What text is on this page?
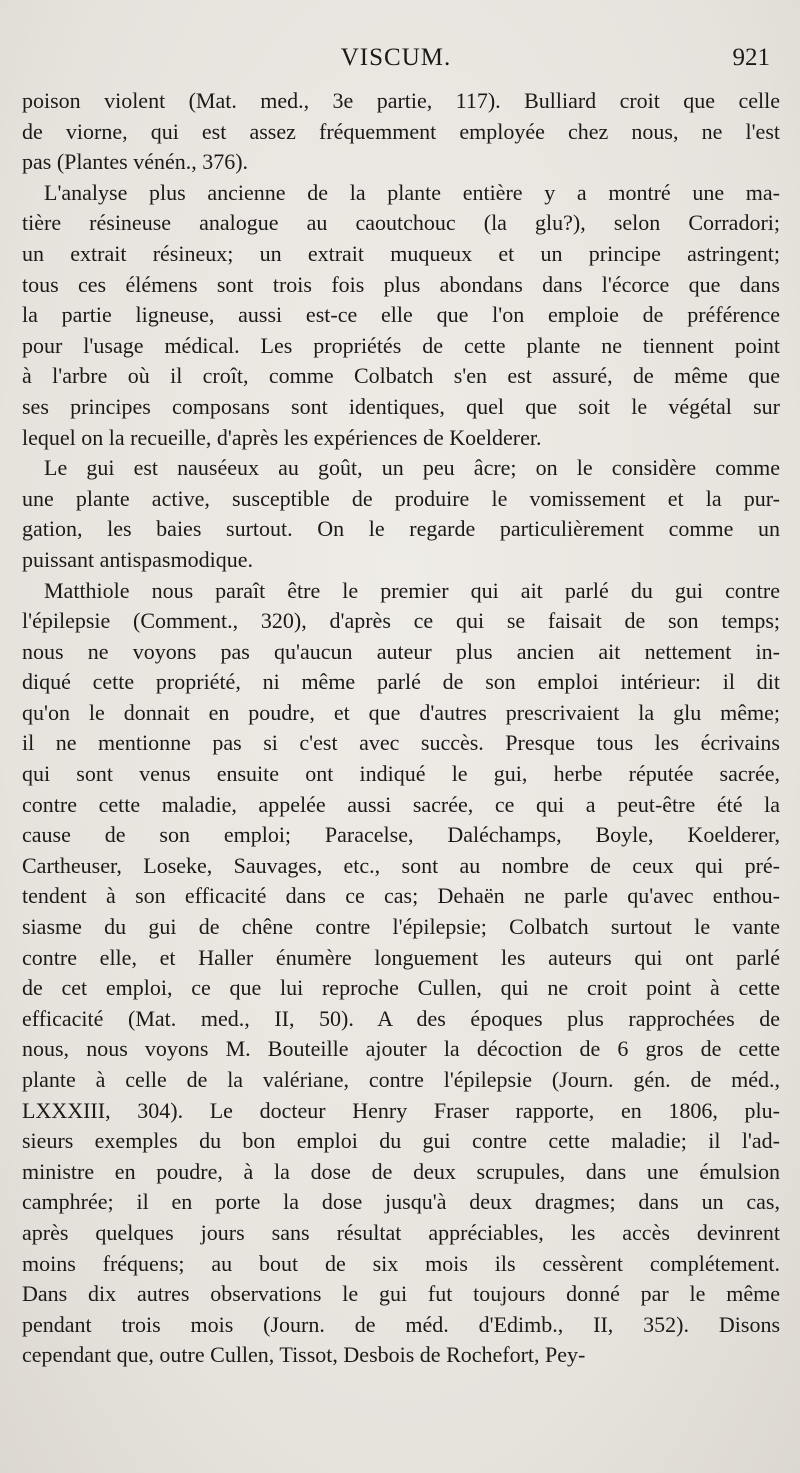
VISCUM.	921
poison violent (Mat. med., 3e partie, 117). Bulliard croit que celle
de viorne, qui est assez fréquemment employée chez nous, ne l'est
pas (Plantes vénén., 376).
L'analyse plus ancienne de la plante entière y a montré une ma-
tière résineuse analogue au caoutchouc (la glu?), selon Corradori;
un extrait résineux; un extrait muqueux et un principe astringent;
tous ces élémens sont trois fois plus abondans dans l'écorce que dans
la partie ligneuse, aussi est-ce elle que l'on emploie de préférence
pour l'usage médical. Les propriétés de cette plante ne tiennent point
à l'arbre où il croît, comme Colbatch s'en est assuré, de même que
ses principes composans sont identiques, quel que soit le végétal sur
lequel on la recueille, d'après les expériences de Koelderer.
Le gui est nauséeux au goût, un peu âcre; on le considère comme
une plante active, susceptible de produire le vomissement et la pur-
gation, les baies surtout. On le regarde particulièrement comme un
puissant antispasmodique.
Matthiole nous paraît être le premier qui ait parlé du gui contre
l'épilepsie (Comment., 320), d'après ce qui se faisait de son temps;
nous ne voyons pas qu'aucun auteur plus ancien ait nettement in-
diqué cette propriété, ni même parlé de son emploi intérieur: il dit
qu'on le donnait en poudre, et que d'autres prescrivaient la glu même;
il ne mentionne pas si c'est avec succès. Presque tous les écrivains
qui sont venus ensuite ont indiqué le gui, herbe réputée sacrée,
contre cette maladie, appelée aussi sacrée, ce qui a peut-être été la
cause de son emploi; Paracelse, Daléchamps, Boyle, Koelderer,
Cartheuser, Loseke, Sauvages, etc., sont au nombre de ceux qui pré-
tendent à son efficacité dans ce cas; Dehaën ne parle qu'avec enthou-
siasme du gui de chêne contre l'épilepsie; Colbatch surtout le vante
contre elle, et Haller énumère longuement les auteurs qui ont parlé
de cet emploi, ce que lui reproche Cullen, qui ne croit point à cette
efficacité (Mat. med., II, 50). A des époques plus rapprochées de
nous, nous voyons M. Bouteille ajouter la décoction de 6 gros de cette
plante à celle de la valériane, contre l'épilepsie (Journ. gén. de méd.,
LXXXIII, 304). Le docteur Henry Fraser rapporte, en 1806, plu-
sieurs exemples du bon emploi du gui contre cette maladie; il l'ad-
ministre en poudre, à la dose de deux scrupules, dans une émulsion
camphrée; il en porte la dose jusqu'à deux dragmes; dans un cas,
après quelques jours sans résultat appréciables, les accès devinrent
moins fréquens; au bout de six mois ils cessèrent complétement.
Dans dix autres observations le gui fut toujours donné par le même
pendant trois mois (Journ. de méd. d'Edimb., II, 352). Disons
cependant que, outre Cullen, Tissot, Desbois de Rochefort, Pey-
